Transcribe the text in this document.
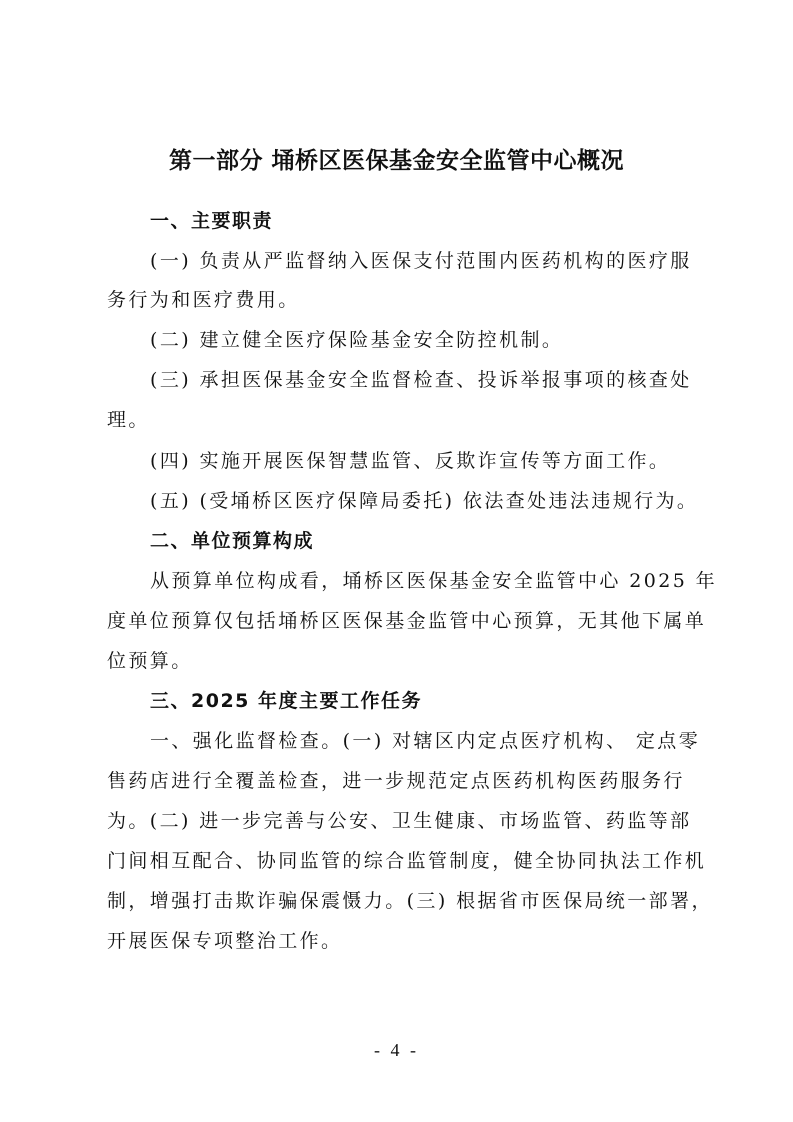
第一部分 埇桥区医保基金安全监管中心概况
一、主要职责
(一) 负责从严监督纳入医保支付范围内医药机构的医疗服
务行为和医疗费用。
(二) 建立健全医疗保险基金安全防控机制。
(三) 承担医保基金安全监督检查、投诉举报事项的核查处
理。
(四) 实施开展医保智慧监管、反欺诈宣传等方面工作。
(五) (受埇桥区医疗保障局委托) 依法查处违法违规行为。
二、单位预算构成
从预算单位构成看，埇桥区医保基金安全监管中心 2025 年
度单位预算仅包括埇桥区医保基金监管中心预算，无其他下属单
位预算。
三、2025 年度主要工作任务
一、强化监督检查。(一) 对辖区内定点医疗机构、 定点零
售药店进行全覆盖检查，进一步规范定点医药机构医药服务行
为。(二) 进一步完善与公安、卫生健康、市场监管、药监等部
门间相互配合、协同监管的综合监管制度，健全协同执法工作机
制，增强打击欺诈骗保震慑力。(三) 根据省市医保局统一部署，
开展医保专项整治工作。
- 4 -
